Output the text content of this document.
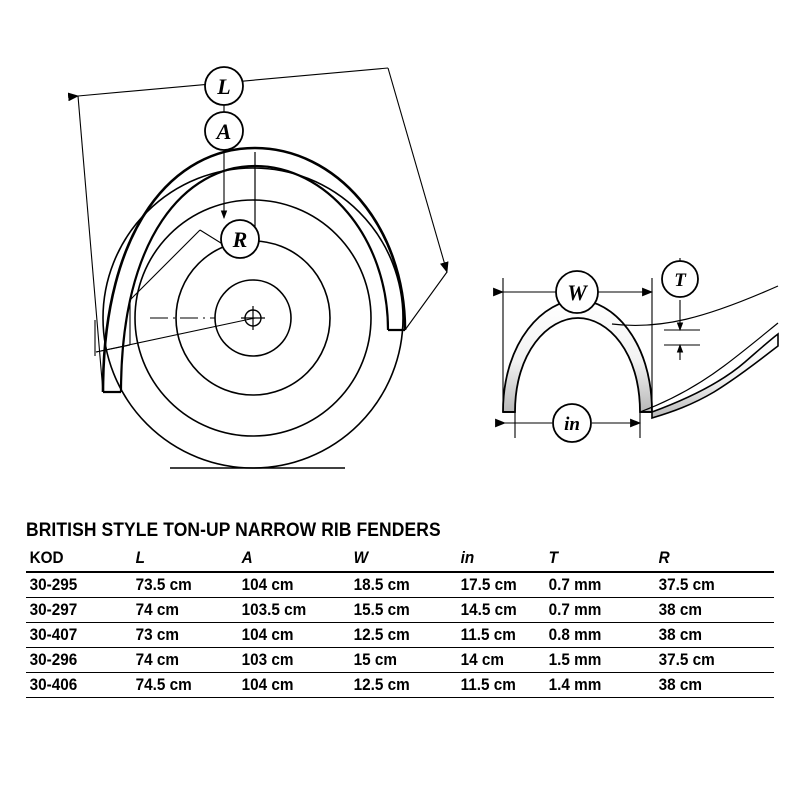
L
A
R
W	T
in
BRITISH STYLE TON-UP NARROW RIB FENDERS
KOD	L	A	W	in	T	R
30-295	73.5 cm	104 cm	18.5 cm	17.5 cm	0.7 mm	37.5 cm
30-297	74 cm	103.5 cm	15.5 cm	14.5 cm	0.7 mm	38 cm
30-407	73 cm	104 cm	12.5 cm	11.5 cm	0.8 mm	38 cm
30-296	74 cm	103 cm	15 cm	14 cm	1.5 mm	37.5 cm
30-406	74.5 cm	104 cm	12.5 cm	11.5 cm	1.4 mm	38 cm
